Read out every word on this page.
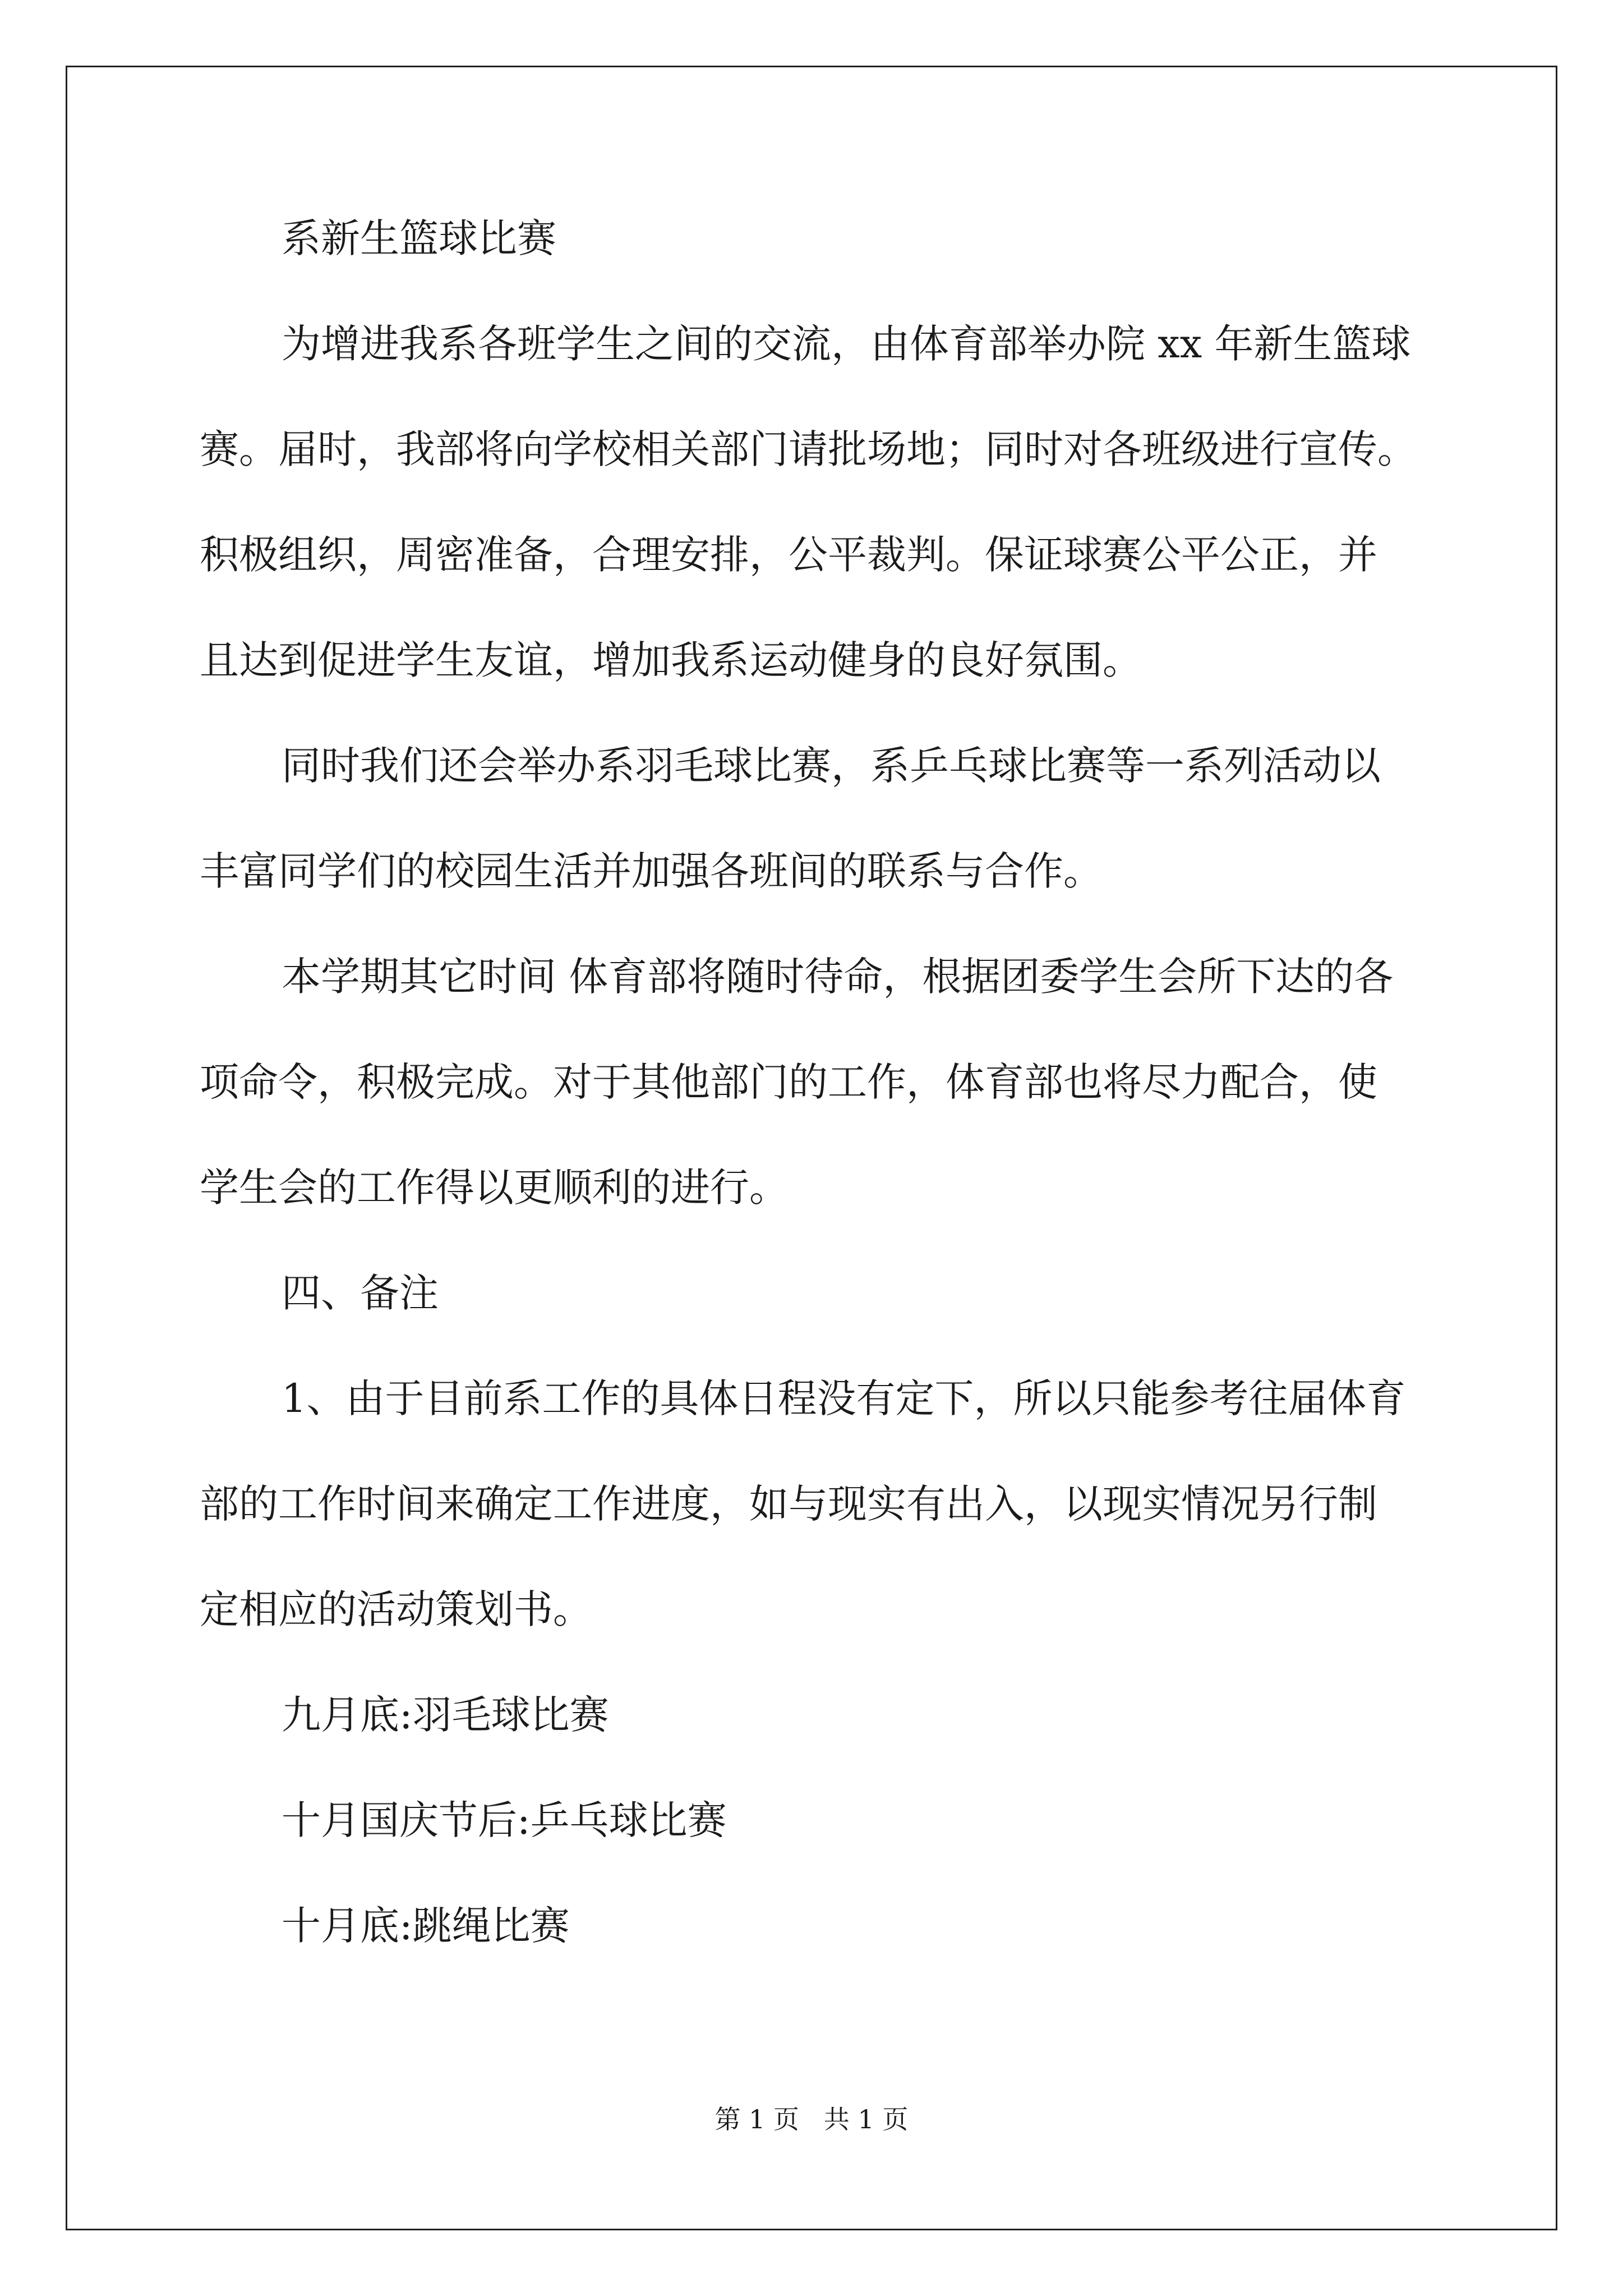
系新生篮球比赛
为增进我系各班学生之间的交流，由体育部举办院 xx 年新生篮球
赛。届时，我部将向学校相关部门请批场地；同时对各班级进行宣传。
积极组织，周密准备，合理安排，公平裁判。保证球赛公平公正，并
且达到促进学生友谊，增加我系运动健身的良好氛围。
同时我们还会举办系羽毛球比赛，系乒乓球比赛等一系列活动以
丰富同学们的校园生活并加强各班间的联系与合作。
本学期其它时间 体育部将随时待命，根据团委学生会所下达的各
项命令，积极完成。对于其他部门的工作，体育部也将尽力配合，使
学生会的工作得以更顺利的进行。
四、备注
1、由于目前系工作的具体日程没有定下，所以只能参考往届体育
部的工作时间来确定工作进度，如与现实有出入，以现实情况另行制
定相应的活动策划书。
九月底:羽毛球比赛
十月国庆节后:乒乓球比赛
十月底:跳绳比赛
第 1 页   共 1 页
